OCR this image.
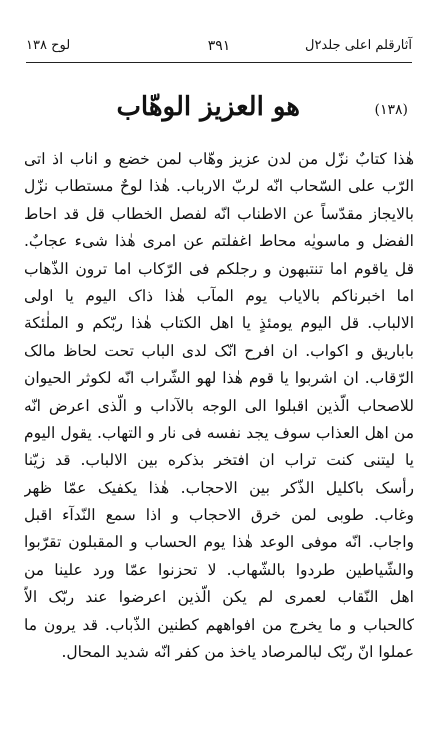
آثارقلم اعلى جلد۲ل
۳۹۱
لوح ۱۳۸
(۱۳۸)
هو العزیز الوهّاب
هٰذا کتابٌ نزّل من لدن عزیز وهّاب لمن خضع و اناب اذ اتی
الرّب علی السّحاب انّه لربّ الارباب. هٰذا لوحٌ مستطاب نزّل
بالایجاز مقدّساً عن الاطناب انّه لفصل الخطاب قل قد احاط
الفضل و ماسویٰه محاط اغفلتم عن امری هٰذا شیء عجابٌ.
قل یاقوم اما تنتبهون و رجلکم فی الرّکاب اما ترون الذّهاب
اما اخبرناکم بالایاب یوم المآب هٰذا ذاک الیوم یا اولی
الالباب. قل الیوم یومئذٍ یا اهل الکتاب هٰذا ربّکم و الملٰئکة
باباریق و اکواب. ان افرح انّک لدی الباب تحت لحاظ مالک
الرّقاب. ان اشربوا یا قوم هٰذا لهو الشّراب انّه لکوثر الحیوان
للاصحاب الّذین اقبلوا الی الوجه بالآداب و الّذی اعرض انّه
من اهل العذاب سوف یجد نفسه فی نار و التهاب. یقول الیوم
یا لیتنی کنت تراب ان افتخر بذکره بین الالباب. قد زیّنا
رأسک باکلیل الذّکر بین الاحجاب. هٰذا یکفیک عمّا ظهر
وغاب. طوبی لمن خرق الاحجاب و اذا سمع النّدآء اقبل
واجاب. انّه موفی الوعد هٰذا یوم الحساب و المقبلون تقرّبوا
والشّیاطین طردوا بالشّهاب. لا تحزنوا عمّا ورد علینا من
اهل النّقاب لعمری لم یکن الّذین اعرضوا عند ربّک الاّ
کالحباب و ما یخرج من افواههم کطنین الذّباب. قد یرون ما
عملوا انّ ربّک لبالمرصاد یاخذ من کفر انّه شدید المحال.
